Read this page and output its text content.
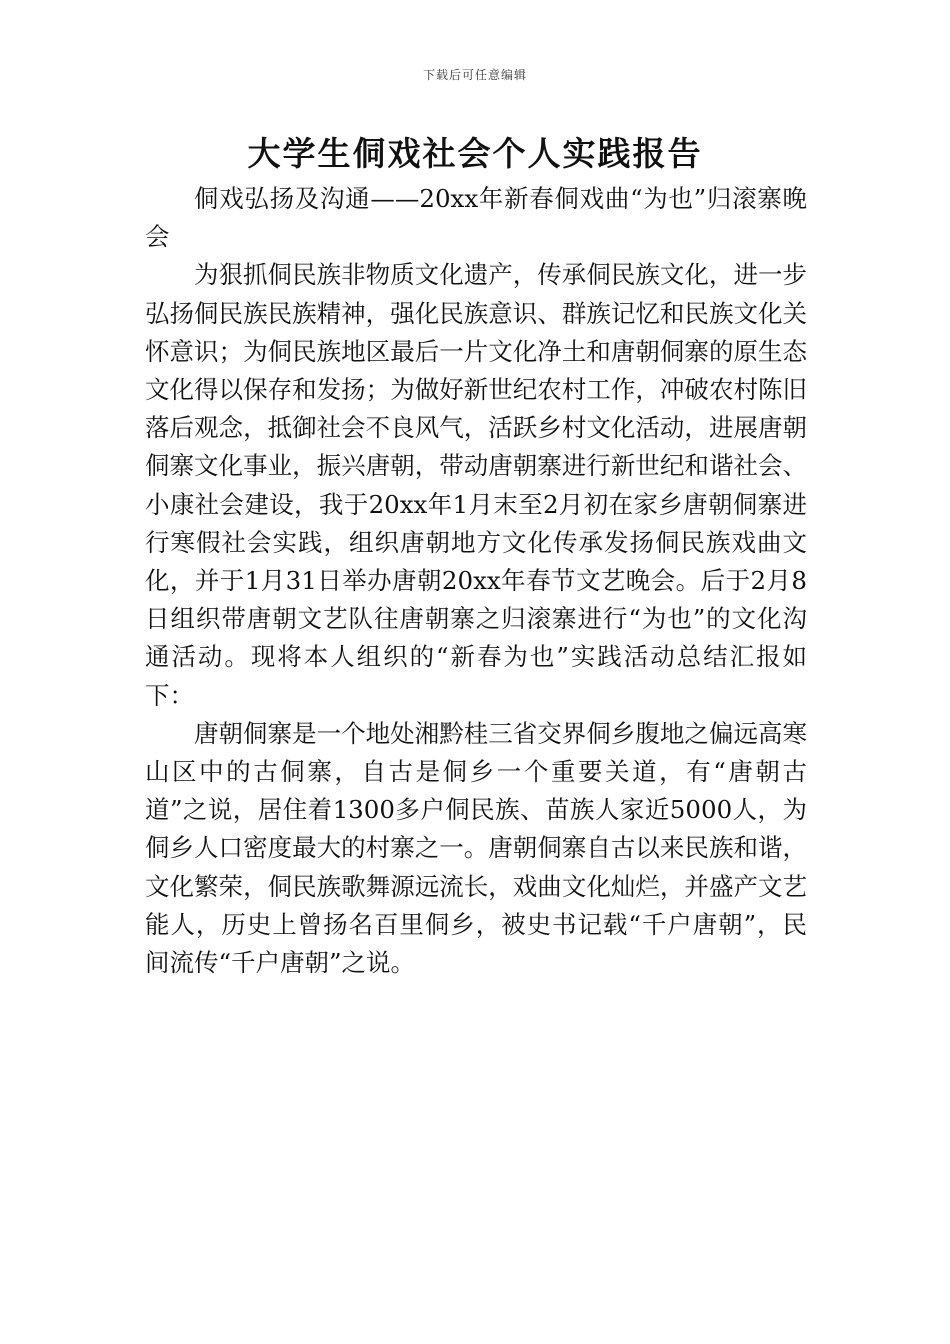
下载后可任意编辑
大学生侗戏社会个人实践报告

侗戏弘扬及沟通——20xx年新春侗戏曲“为也”归滚寨晚会

为狠抓侗民族非物质文化遗产，传承侗民族文化，进一步弘扬侗民族民族精神，强化民族意识、群族记忆和民族文化关怀意识；为侗民族地区最后一片文化净土和唐朝侗寨的原生态文化得以保存和发扬；为做好新世纪农村工作，冲破农村陈旧落后观念，抵御社会不良风气，活跃乡村文化活动，进展唐朝侗寨文化事业，振兴唐朝，带动唐朝寨进行新世纪和谐社会、小康社会建设，我于20xx年1月末至2月初在家乡唐朝侗寨进行寒假社会实践，组织唐朝地方文化传承发扬侗民族戏曲文化，并于1月31日举办唐朝20xx年春节文艺晚会。后于2月8日组织带唐朝文艺队往唐朝寨之归滚寨进行“为也”的文化沟通活动。现将本人组织的“新春为也”实践活动总结汇报如下：

唐朝侗寨是一个地处湘黔桂三省交界侗乡腹地之偏远高寒山区中的古侗寨，自古是侗乡一个重要关道，有“唐朝古道”之说，居住着1300多户侗民族、苗族人家近5000人，为侗乡人口密度最大的村寨之一。唐朝侗寨自古以来民族和谐，文化繁荣，侗民族歌舞源远流长，戏曲文化灿烂，并盛产文艺能人，历史上曾扬名百里侗乡，被史书记载“千户唐朝”，民间流传“千户唐朝”之说。
